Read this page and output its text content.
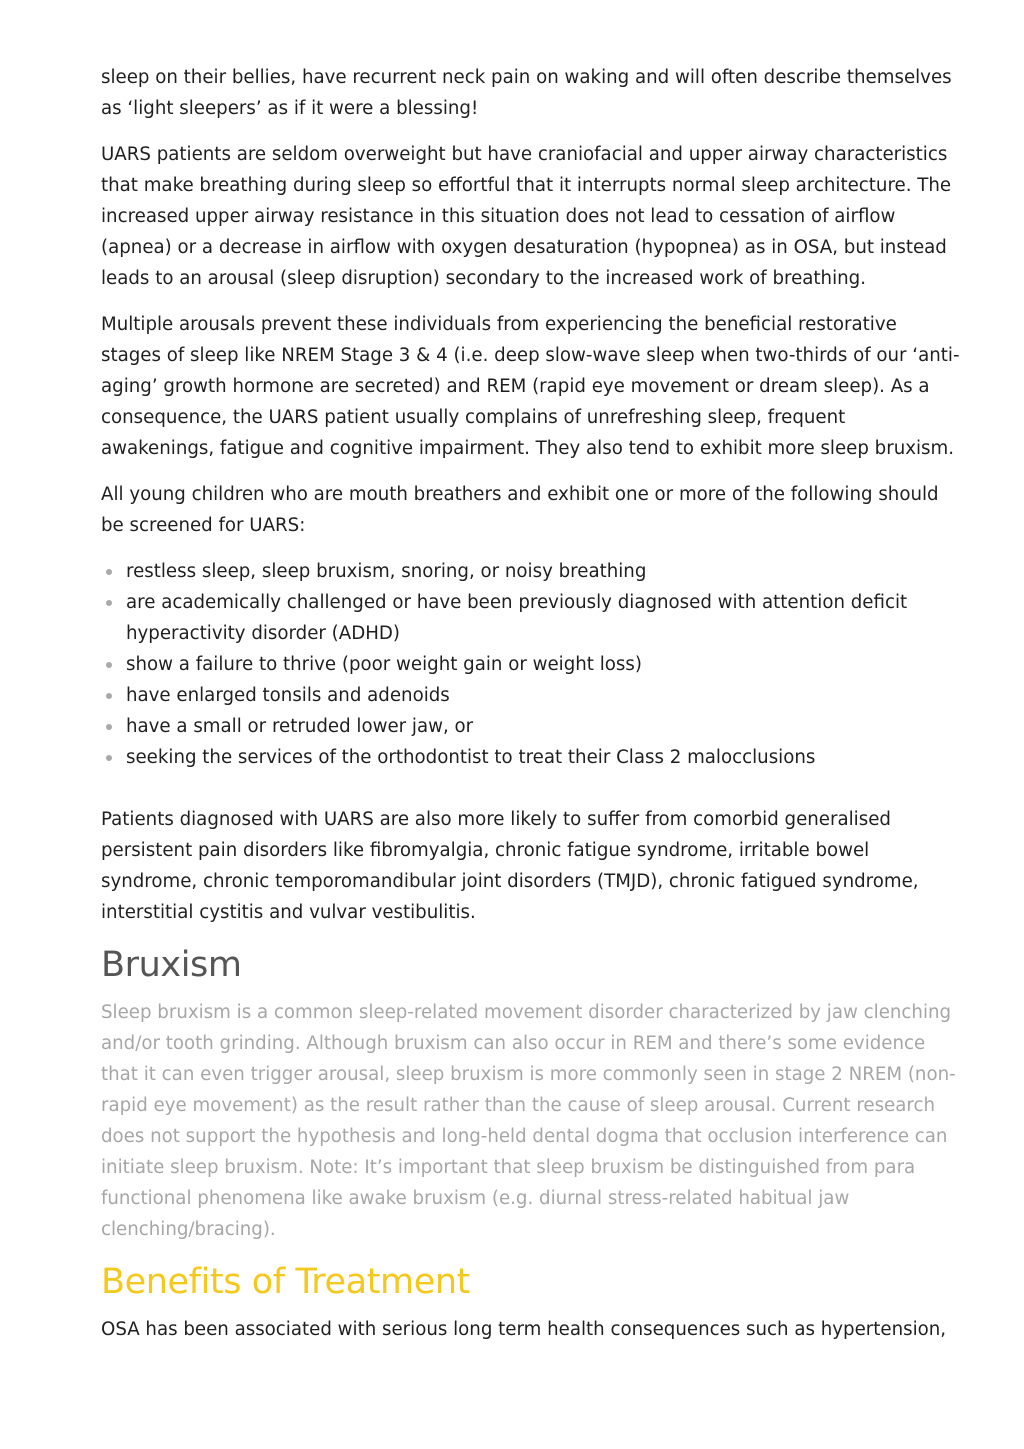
sleep on their bellies, have recurrent neck pain on waking and will often describe themselves as ‘light sleepers’ as if it were a blessing!

UARS patients are seldom overweight but have craniofacial and upper airway characteristics that make breathing during sleep so effortful that it interrupts normal sleep architecture. The increased upper airway resistance in this situation does not lead to cessation of airflow (apnea) or a decrease in airflow with oxygen desaturation (hypopnea) as in OSA, but instead leads to an arousal (sleep disruption) secondary to the increased work of breathing.

Multiple arousals prevent these individuals from experiencing the beneficial restorative stages of sleep like NREM Stage 3 & 4 (i.e. deep slow-wave sleep when two-thirds of our ‘anti-aging’ growth hormone are secreted) and REM (rapid eye movement or dream sleep). As a consequence, the UARS patient usually complains of unrefreshing sleep, frequent awakenings, fatigue and cognitive impairment. They also tend to exhibit more sleep bruxism.

All young children who are mouth breathers and exhibit one or more of the following should be screened for UARS:

restless sleep, sleep bruxism, snoring, or noisy breathing
are academically challenged or have been previously diagnosed with attention deficit hyperactivity disorder (ADHD)
show a failure to thrive (poor weight gain or weight loss)
have enlarged tonsils and adenoids
have a small or retruded lower jaw, or
seeking the services of the orthodontist to treat their Class 2 malocclusions

Patients diagnosed with UARS are also more likely to suffer from comorbid generalised persistent pain disorders like fibromyalgia, chronic fatigue syndrome, irritable bowel syndrome, chronic temporomandibular joint disorders (TMJD), chronic fatigued syndrome, interstitial cystitis and vulvar vestibulitis.

Bruxism

Sleep bruxism is a common sleep-related movement disorder characterized by jaw clenching and/or tooth grinding. Although bruxism can also occur in REM and there’s some evidence that it can even trigger arousal, sleep bruxism is more commonly seen in stage 2 NREM (non-rapid eye movement) as the result rather than the cause of sleep arousal. Current research does not support the hypothesis and long-held dental dogma that occlusion interference can initiate sleep bruxism. Note: It’s important that sleep bruxism be distinguished from para functional phenomena like awake bruxism (e.g. diurnal stress-related habitual jaw clenching/bracing).

Benefits of Treatment

OSA has been associated with serious long term health consequences such as hypertension,
